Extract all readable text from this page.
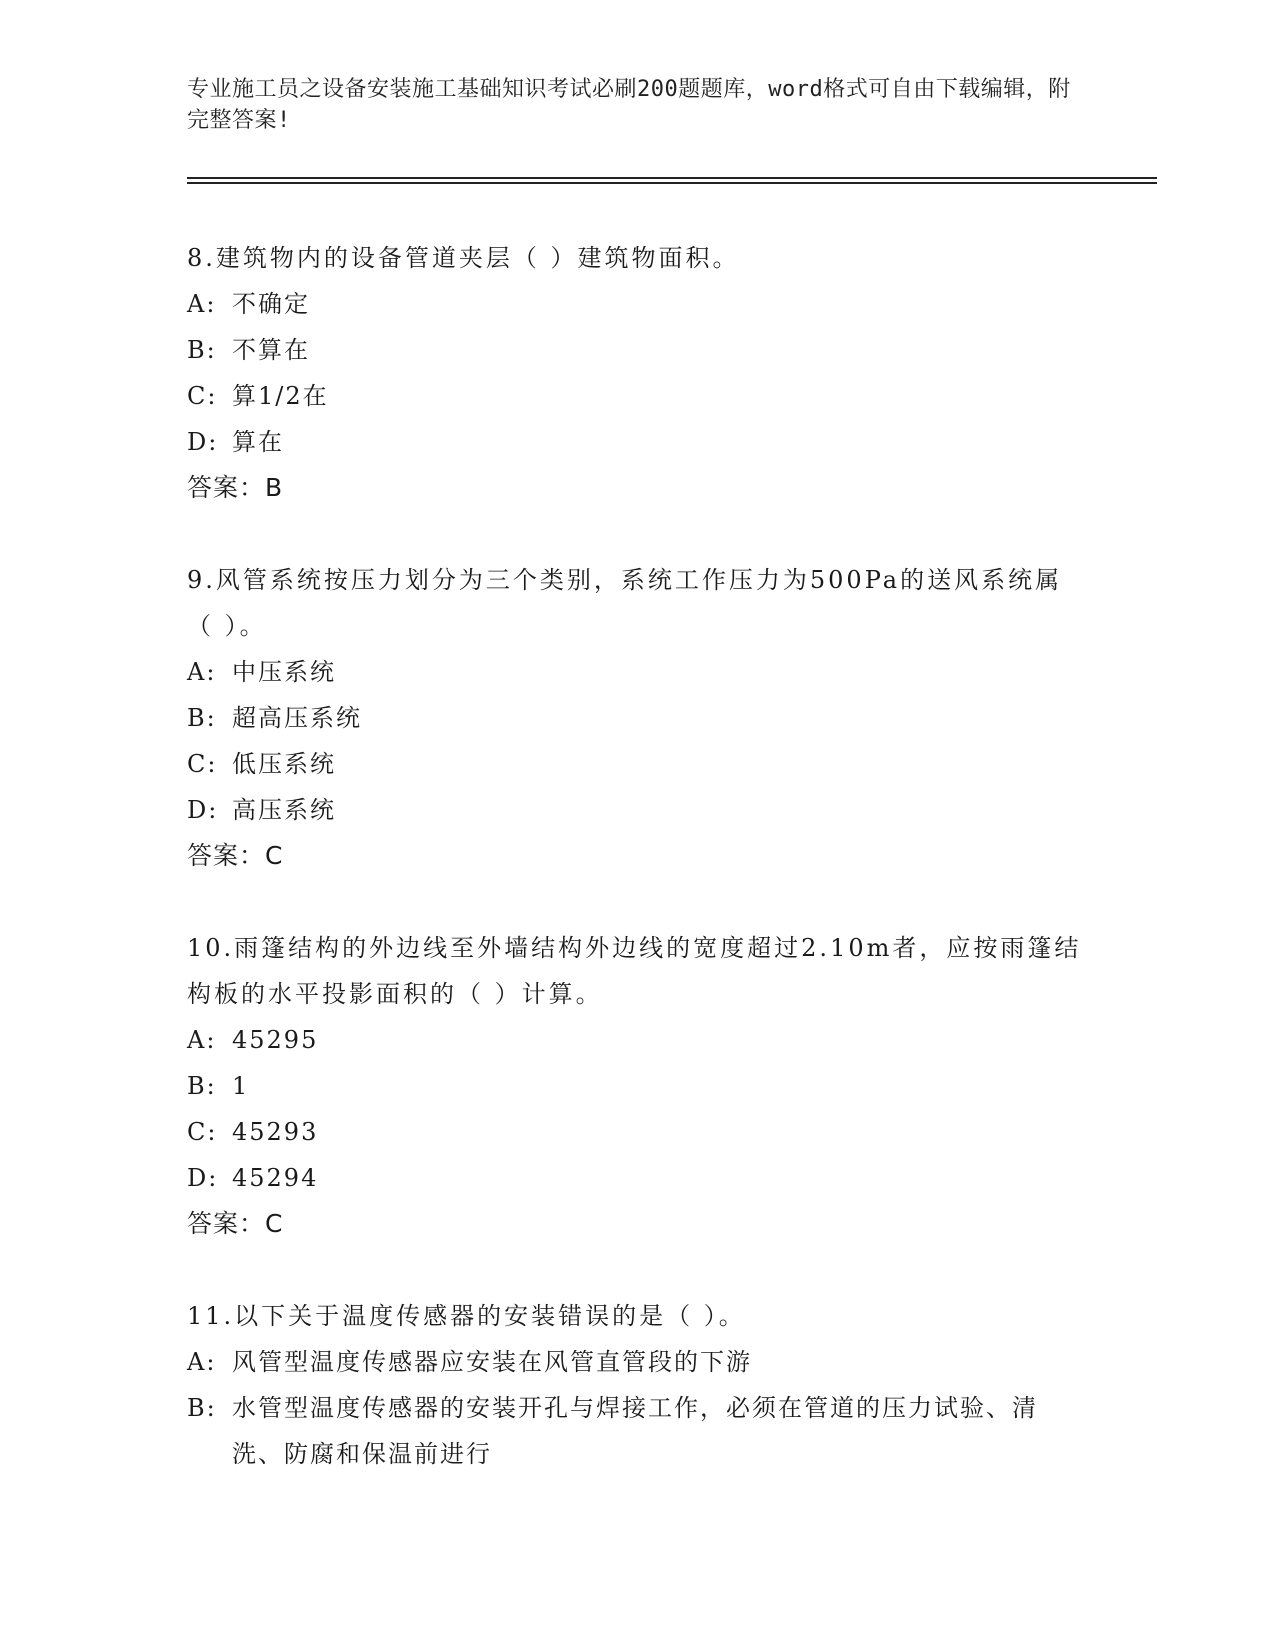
专业施工员之设备安装施工基础知识考试必刷200题题库，word格式可自由下载编辑，附完整答案!

8.建筑物内的设备管道夹层（ ）建筑物面积。

A: 不确定
B: 不算在
C: 算1/2在
D: 算在
答案：B

9.风管系统按压力划分为三个类别，系统工作压力为500Pa的送风系统属（ ）。

A: 中压系统
B: 超高压系统
C: 低压系统
D: 高压系统
答案：C

10.雨篷结构的外边线至外墙结构外边线的宽度超过2.10m者，应按雨篷结构板的水平投影面积的（ ）计算。

A: 45295
B: 1
C: 45293
D: 45294
答案：C

11.以下关于温度传感器的安装错误的是（ ）。

A: 风管型温度传感器应安装在风管直管段的下游
B: 水管型温度传感器的安装开孔与焊接工作，必须在管道的压力试验、清洗、防腐和保温前进行
